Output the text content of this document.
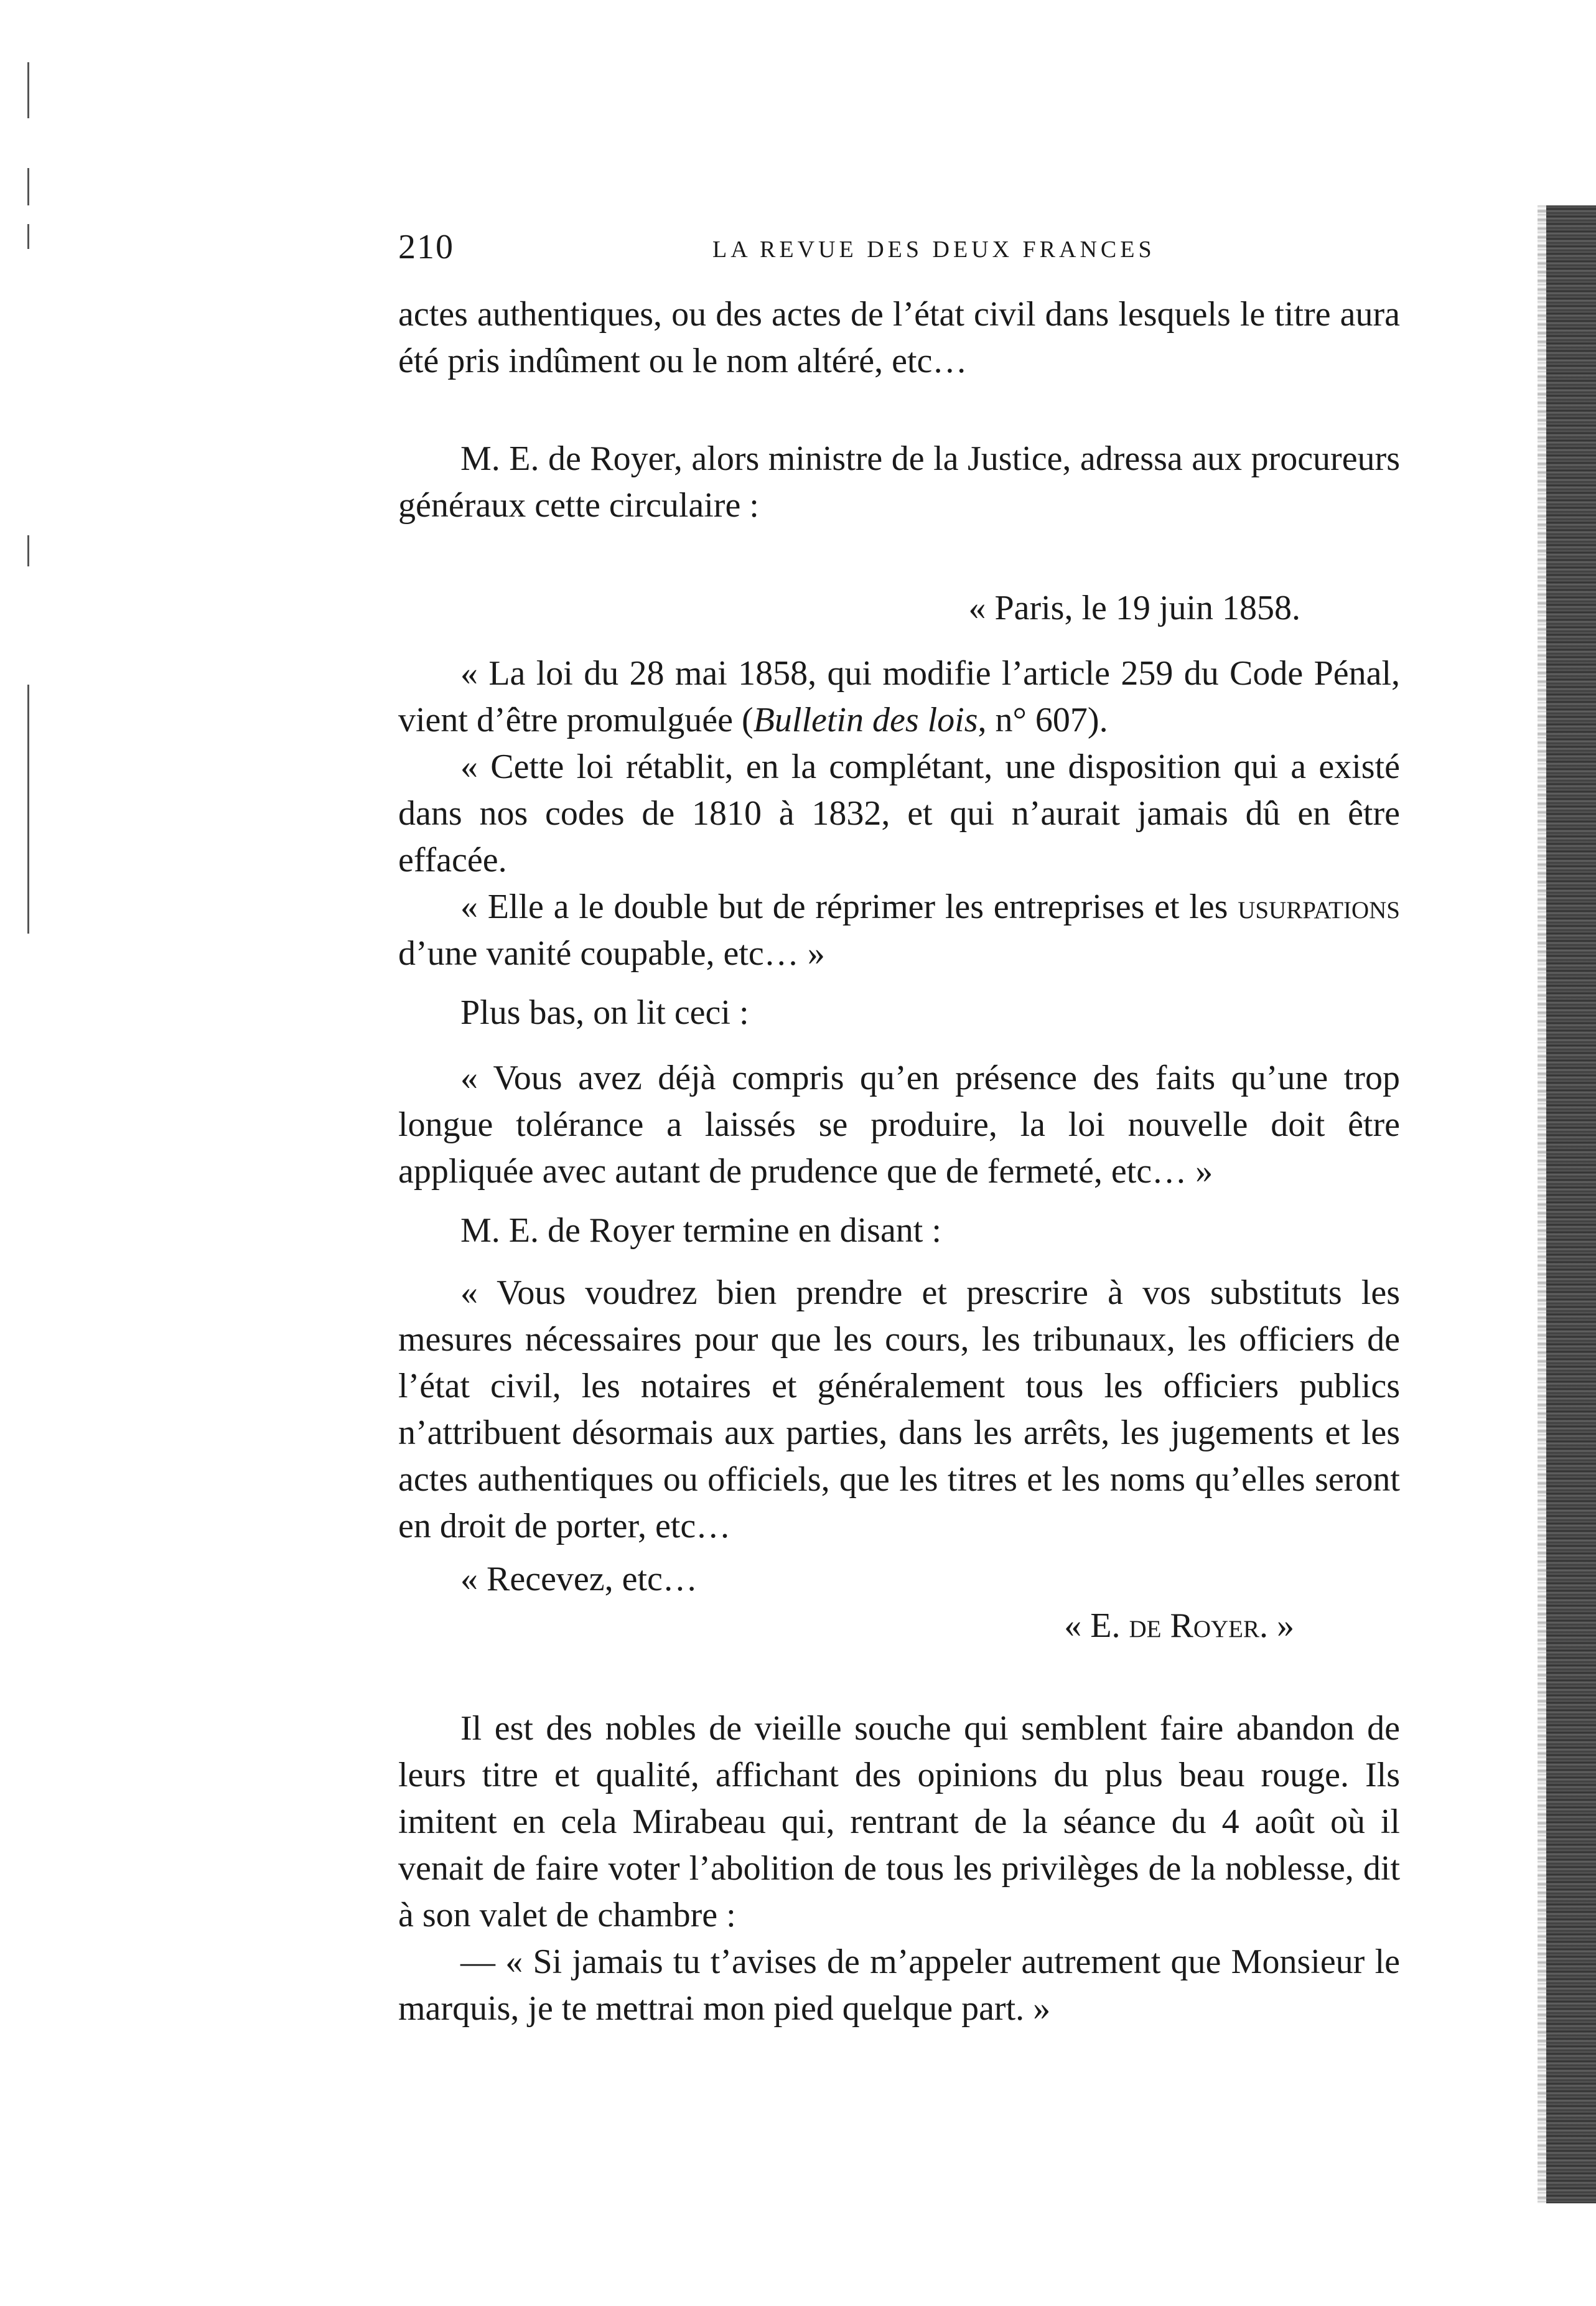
210	LA REVUE DES DEUX FRANCES

actes authentiques, ou des actes de l’état civil dans lesquels le titre aura été pris indûment ou le nom altéré, etc…

M. E. de Royer, alors ministre de la Justice, adressa aux procureurs généraux cette circulaire :

« Paris, le 19 juin 1858.

« La loi du 28 mai 1858, qui modifie l’article 259 du Code Pénal, vient d’être promulguée (Bulletin des lois, n° 607).

« Cette loi rétablit, en la complétant, une disposition qui a existé dans nos codes de 1810 à 1832, et qui n’aurait jamais dû en être effacée.

« Elle a le double but de réprimer les entreprises et les usurpations d’une vanité coupable, etc… »

Plus bas, on lit ceci :

« Vous avez déjà compris qu’en présence des faits qu’une trop longue tolérance a laissés se produire, la loi nouvelle doit être appliquée avec autant de prudence que de fermeté, etc… »

M. E. de Royer termine en disant :

« Vous voudrez bien prendre et prescrire à vos substituts les mesures nécessaires pour que les cours, les tribunaux, les officiers de l’état civil, les notaires et généralement tous les officiers publics n’attribuent désormais aux parties, dans les arrêts, les jugements et les actes authentiques ou officiels, que les titres et les noms qu’elles seront en droit de porter, etc…

« Recevez, etc…

« E. de Royer. »

Il est des nobles de vieille souche qui semblent faire abandon de leurs titre et qualité, affichant des opinions du plus beau rouge. Ils imitent en cela Mirabeau qui, rentrant de la séance du 4 août où il venait de faire voter l’abolition de tous les privilèges de la noblesse, dit à son valet de chambre :

— « Si jamais tu t’avises de m’appeler autrement que Monsieur le marquis, je te mettrai mon pied quelque part. »
